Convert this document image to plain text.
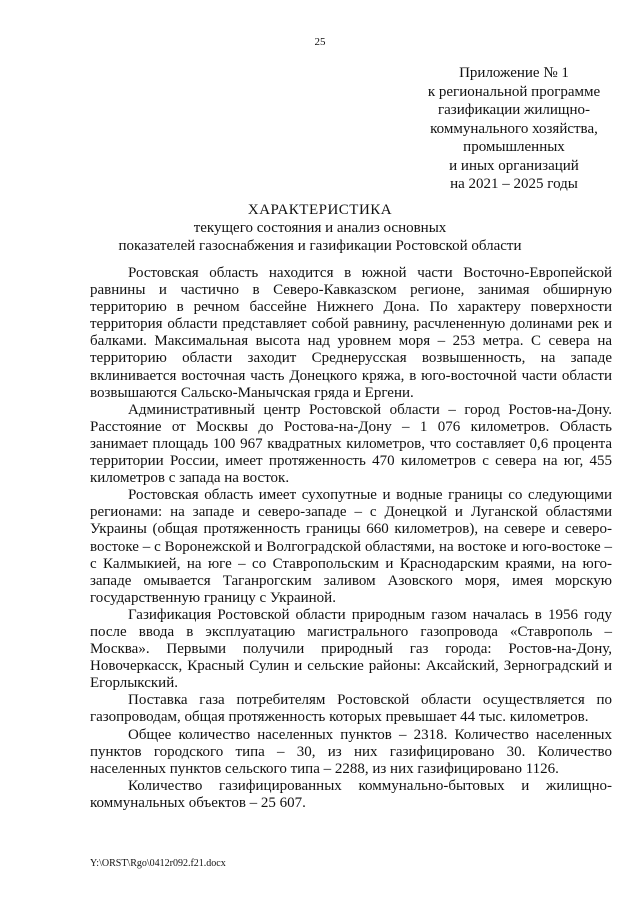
25
Приложение № 1
к региональной программе
газификации жилищно-
коммунального хозяйства,
промышленных
и иных организаций
на 2021 – 2025 годы
ХАРАКТЕРИСТИКА
текущего состояния и анализ основных
показателей газоснабжения и газификации Ростовской области

Ростовская область находится в южной части Восточно-Европейской равнины и частично в Северо-Кавказском регионе, занимая обширную территорию в речном бассейне Нижнего Дона. По характеру поверхности территория области представляет собой равнину, расчлененную долинами рек и балками. Максимальная высота над уровнем моря – 253 метра. С севера на территорию области заходит Среднерусская возвышенность, на западе вклинивается восточная часть Донецкого кряжа, в юго-восточной части области возвышаются Сальско-Манычская гряда и Ергени.

Административный центр Ростовской области – город Ростов-на-Дону. Расстояние от Москвы до Ростова-на-Дону – 1 076 километров. Область занимает площадь 100 967 квадратных километров, что составляет 0,6 процента территории России, имеет протяженность 470 километров с севера на юг, 455 километров с запада на восток.

Ростовская область имеет сухопутные и водные границы со следующими регионами: на западе и северо-западе – с Донецкой и Луганской областями Украины (общая протяженность границы 660 километров), на севере и северо-востоке – с Воронежской и Волгоградской областями, на востоке и юго-востоке – с Калмыкией, на юге – со Ставропольским и Краснодарским краями, на юго-западе омывается Таганрогским заливом Азовского моря, имея морскую государственную границу с Украиной.

Газификация Ростовской области природным газом началась в 1956 году после ввода в эксплуатацию магистрального газопровода «Ставрополь – Москва». Первыми получили природный газ города: Ростов-на-Дону, Новочеркасск, Красный Сулин и сельские районы: Аксайский, Зерноградский и Егорлыкский.

Поставка газа потребителям Ростовской области осуществляется по газопроводам, общая протяженность которых превышает 44 тыс. километров.

Общее количество населенных пунктов – 2318. Количество населенных пунктов городского типа – 30, из них газифицировано 30. Количество населенных пунктов сельского типа – 2288, из них газифицировано 1126.

Количество газифицированных коммунально-бытовых и жилищно-коммунальных объектов – 25 607.

Y:\ORST\Rgo\0412r092.f21.docx
